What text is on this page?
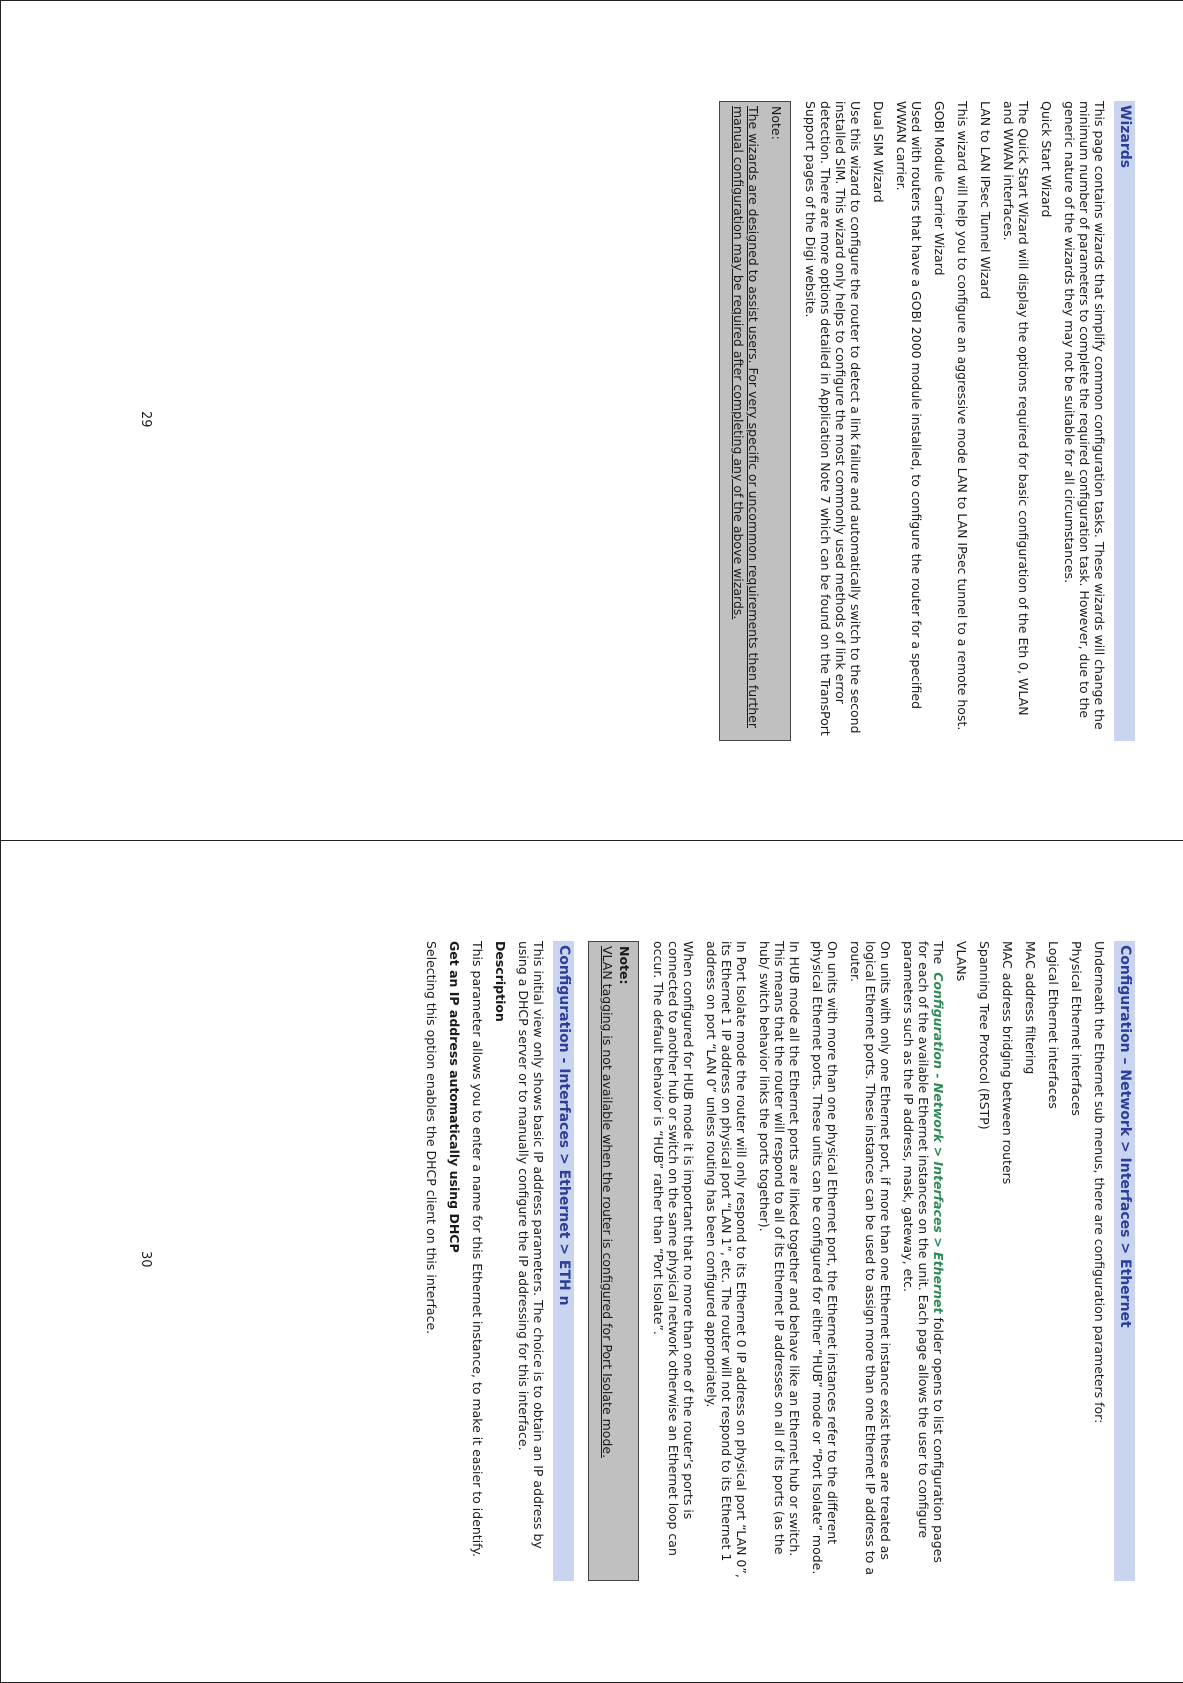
Wizards

This page contains wizards that simplify common configuration tasks. These wizards will change the minimum number of parameters to complete the required configuration task. However, due to the generic nature of the wizards they may not be suitable for all circumstances.

Quick Start Wizard

The Quick Start Wizard will display the options required for basic configuration of the Eth 0, WLAN and WWAN interfaces.

LAN to LAN IPsec Tunnel Wizard

This wizard will help you to configure an aggressive mode LAN to LAN IPsec tunnel to a remote host.

GOBI Module Carrier Wizard

Used with routers that have a GOBI 2000 module installed, to configure the router for a specified WWAN carrier.

Dual SIM Wizard

Use this wizard to configure the router to detect a link failure and automatically switch to the second installed SIM. This wizard only helps to configure the most commonly used methods of link error detection. There are more options detailed in Application Note 7 which can be found on the TransPort Support pages of the Digi website.

Note:

The wizards are designed to assist users. For very specific or uncommon requirements then further manual configuration may be required after completing any of the above wizards.

29
Configuration – Network > Interfaces > Ethernet

Underneath the Ethernet sub menus, there are configuration parameters for:

Physical Ethernet interfaces

Logical Ethernet interfaces

MAC address filtering

MAC address bridging between routers

Spanning Tree Protocol (RSTP)

VLANs

The  Configuration - Network > Interfaces > Ethernet folder opens to list configuration pages for each of the available Ethernet instances on the unit. Each page allows the user to configure parameters such as the IP address, mask, gateway, etc.

On units with only one Ethernet port, if more than one Ethernet instance exist these are treated as logical Ethernet ports. These instances can be used to assign more than one Ethernet IP address to a router.

On units with more than one physical Ethernet port, the Ethernet instances refer to the different physical Ethernet ports. These units can be configured for either “HUB” mode or “Port Isolate” mode.

In HUB mode all the Ethernet ports are linked together and behave like an Ethernet hub or switch. This means that the router will respond to all of its Ethernet IP addresses on all of its ports (as the hub/ switch behavior links the ports together).

In Port Isolate mode the router will only respond to its Ethernet 0 IP address on physical port “LAN 0”, its Ethernet 1 IP address on physical port “LAN 1”, etc. The router will not respond to its Ethernet 1 address on port “LAN 0” unless routing has been configured appropriately.

When configured for HUB mode it is important that no more than one of the router’s ports is connected to another hub or switch on the same physical network otherwise an Ethernet loop can occur. The default behavior is “HUB” rather than “Port Isolate”.

Note:

VLAN tagging is not available when the router is configured for Port Isolate mode.

Configuration - Interfaces > Ethernet > ETH n

This initial view only shows basic IP address parameters. The choice is to obtain an IP address by using a DHCP server or to manually configure the IP addressing for this interface.

Description

This parameter allows you to enter a name for this Ethernet instance, to make it easier to identify.

Get an IP address automatically using DHCP

Selecting this option enables the DHCP client on this interface.

30
